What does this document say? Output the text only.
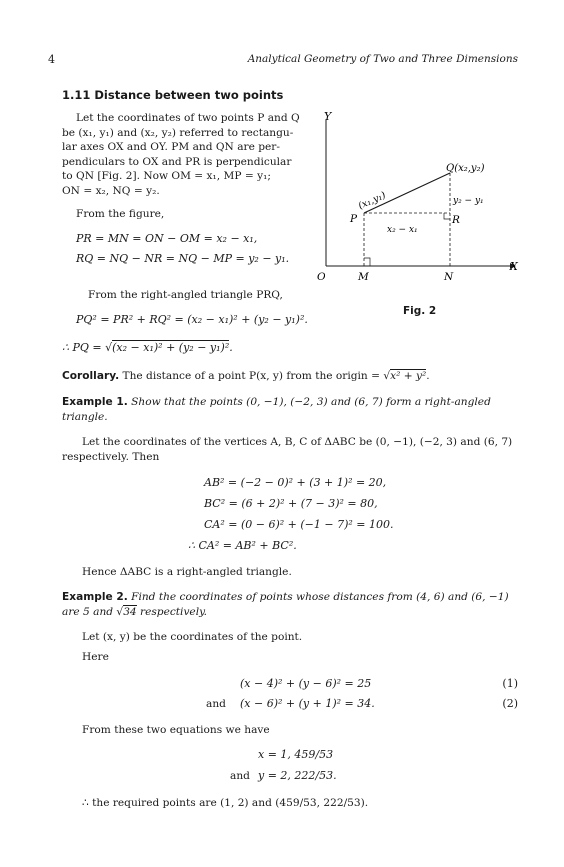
4	Analytical Geometry of Two and Three Dimensions
1.11 Distance between two points
Let the coordinates of two points P and Q
be (x₁, y₁) and (x₂, y₂) referred to rectangu-
lar axes OX and OY. PM and QN are per-
pendiculars to OX and PR is perpendicular
to QN [Fig. 2]. Now OM = x₁, MP = y₁;
ON = x₂, NQ = y₂.
From the figure,
PR = MN = ON − OM = x₂ − x₁,
RQ = NQ − NR = NQ − MP = y₂ − y₁.
From the right-angled triangle PRQ,
PQ² = PR² + RQ² = (x₂ − x₁)² + (y₂ − y₁)².
∴ PQ = √(x₂ − x₁)² + (y₂ − y₁)².
Y
X
O	M	N
P	R
(x₁,y₁)
Q(x₂,y₂)
x₂ − x₁
y₂ − y₁
Fig. 2
Corollary. The distance of a point P(x, y) from the origin = √x² + y².
Example 1. Show that the points (0, −1), (−2, 3) and (6, 7) form a right-angled triangle.
Let the coordinates of the vertices A, B, C of ΔABC be (0, −1), (−2, 3) and (6, 7) respectively. Then
AB² = (−2 − 0)² + (3 + 1)² = 20,
BC² = (6 + 2)² + (7 − 3)² = 80,
CA² = (0 − 6)² + (−1 − 7)² = 100.
∴ CA² = AB² + BC².
Hence ΔABC is a right-angled triangle.
Example 2. Find the coordinates of points whose distances from (4, 6) and (6, −1)
are 5 and √34 respectively.
Let (x, y) be the coordinates of the point.
Here
(x − 4)² + (y − 6)² = 25	(1)
and (x − 6)² + (y + 1)² = 34.	(2)
From these two equations we have
x = 1, 459/53
and y = 2, 222/53.
∴ the required points are (1, 2) and (459/53, 222/53).
